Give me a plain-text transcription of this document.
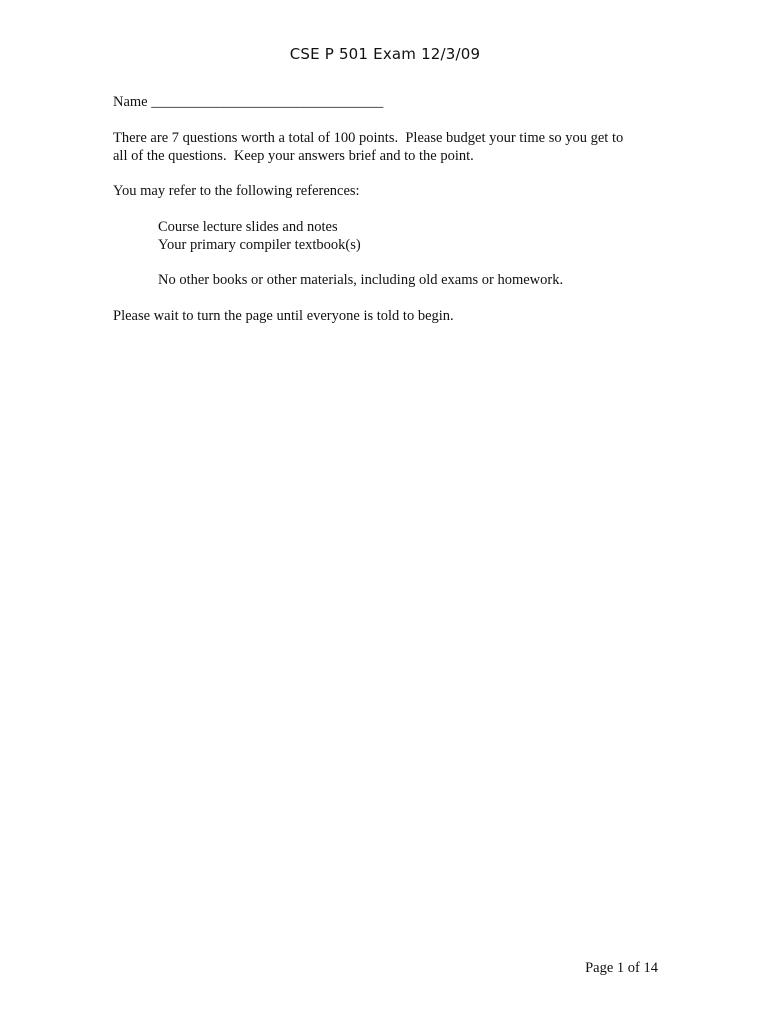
CSE P 501 Exam 12/3/09
Name ________________________________
There are 7 questions worth a total of 100 points.  Please budget your time so you get to
all of the questions.  Keep your answers brief and to the point.
You may refer to the following references:
Course lecture slides and notes
Your primary compiler textbook(s)
No other books or other materials, including old exams or homework.
Please wait to turn the page until everyone is told to begin.
Page 1 of 14
